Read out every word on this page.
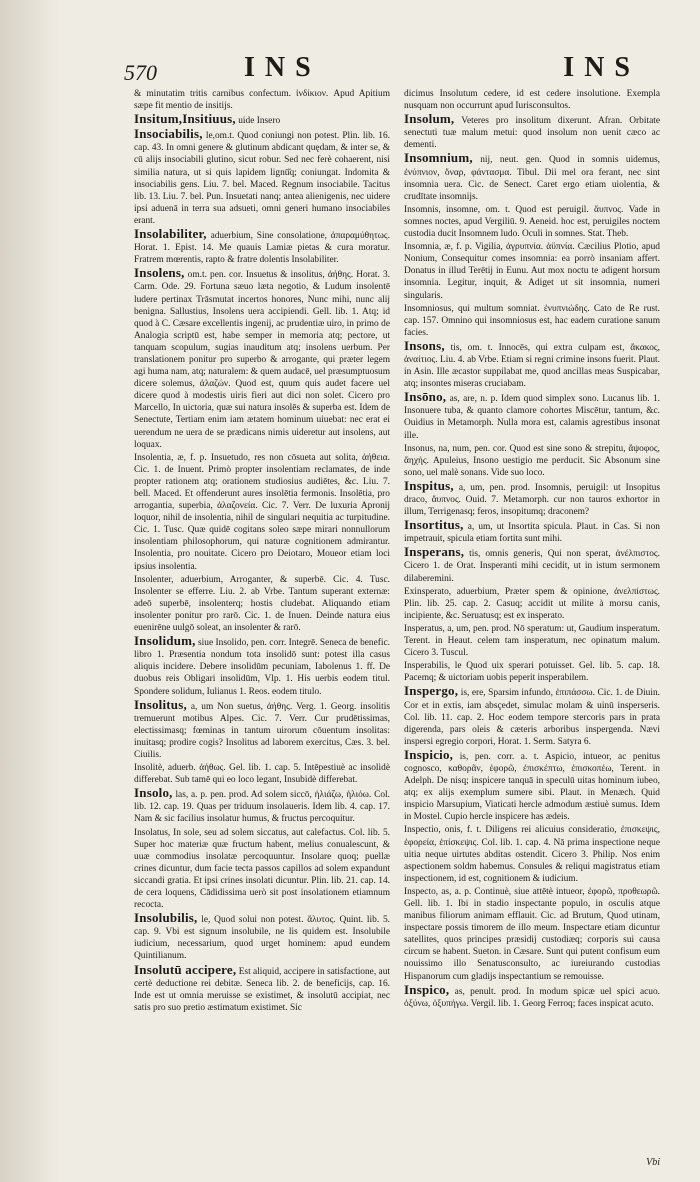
570	INS	INS

& minutatim tritis carnibus confectum. ἰνδίκιον. Apud Apitium sæpe fit mentio de insitijs.

Insitum,Insitiuus, uide Insero

Insociabilis, le,om.t. Quod coniungi non potest. Plin. lib. 16. cap. 43. In omni genere & glutinum abdicant quędam, & inter se, & cū alijs insociabili glutino, sicut robur. Sed nec ferè cohaerent, nisi similia natura, ut si quis lapidem lignū̆q; coniungat. Indomita & insociabilis gens. Liu. 7. bel. Maced. Regnum insociabile. Tacitus lib. 13. Liu. 7. bel. Pun. Insuetati nanq; antea alienigenis, nec uidere ipsi aduenā in terra sua adsueti, omni generi humano insociabiles erant.

Insolabiliter, aduerbium, Sine consolatione, ἀπαραμύθητως. Horat. 1. Epist. 14. Me quauis Lamiæ pietas & cura moratur. Fratrem mœrentis, rapto & fratre dolentis Insolabiliter.

Insolens, om.t. pen. cor. Insuetus & insolitus, ἀήθης. Horat. 3. Carm. Ode. 29. Fortuna sæuo læta negotio, & Ludum insolentē ludere pertinax Trāsmutat incertos honores, Nunc mihi, nunc alij benigna. Sallustius, Insolens uera accipiendi. Gell. lib. 1. Atq; id quod à C. Cæsare excellentis ingenij, ac prudentiæ uiro, in primo de Analogia scriptū est, habe semper in memoria atq; pectore, ut tanquam scopulum, sugias inauditum atq; insolens uerbum. Per translationem ponitur pro superbo & arrogante, qui præter legem agi huma nam, atq; naturalem: & quem audacē, uel præsumptuosum dicere solemus, ἀλαζών. Quod est, quum quis audet facere uel dicere quod à modestis uiris fieri aut dici non solet. Cicero pro Marcello, In uictoria, quæ sui natura insolēs & superba est. Idem de Senectute, Tertiam enim iam ætatem hominum uiuebat: nec erat ei uerendum ne uera de se prædicans nimis uideretur aut insolens, aut loquax.

Insolentia, æ, f. p. Insuetudo, res non cōsueta aut solita, ἀήθεια. Cic. 1. de Inuent. Primò propter insolentiam reclamates, de inde propter rationem atq; orationem studiosius audiētes, &c. Liu. 7. bell. Maced. Et offenderunt aures insolētia fermonis. Insolētia, pro arrogantia, superbia, ἀλαζονεία. Cic. 7. Verr. De luxuria Apronij loquor, nihil de insolentia, nihil de singulari nequitia ac turpitudine. Cic. 1. Tusc. Quæ quidē cogitans soleo sæpe mirari nonnullorum insolentiam philosophorum, qui naturæ cognitionem admirantur. Insolentia, pro nouitate. Cicero pro Deiotaro, Moueor etiam loci ipsius insolentia.

Insolenter, aduerbium, Arroganter, & superbē. Cic. 4. Tusc. Insolenter se efferre. Liu. 2. ab Vrbe. Tantum superant externæ: adeō superbē, insolenterq; hostis cludebat. Aliquando etiam insolenter ponitur pro rarō. Cic. 1. de Inuen. Deinde natura eius euenirēne uulgō soleat, an insolenter & rarō.

Insolidum, siue Insolido, pen. corr. Integrē. Seneca de benefic. libro 1. Præsentia nondum tota insolidō sunt: potest illa casus aliquis incidere. Debere insolidūm pecuniam, Iabolenus 1. ff. De duobus reis Obligari insolidūm, Vlp. 1. His uerbis eodem titul. Spondere solidum, Iulianus 1. Reos. eodem titulo.

Insolitus, a, um Non suetus, ἀήθης. Verg. 1. Georg. insolitis tremuerunt motibus Alpes. Cic. 7. Verr. Cur prudētissimas, electissimasq; fœminas in tantum uirorum cōuentum insolitas: inuitasq; prodire cogis? Insolitus ad laborem exercitus, Cæs. 3. bel. Ciuilis.

Insolitè, aduerb. ἀήθως. Gel. lib. 1. cap. 5. Intēpestiuè ac insolidè differebat. Sub tamē qui eo loco legant, Insubidè differebat.

Insolo, las, a. p. pen. prod. Ad solem siccō, ἡλιάζω, ἡλιόω. Col. lib. 12. cap. 19. Quas per triduum insolaueris. Idem lib. 4. cap. 17. Nam & sic facilius insolatur humus, & fructus percoquitur.

Insolatus, In sole, seu ad solem siccatus, aut calefactus. Col. lib. 5. Super hoc materiæ quæ fructum habent, melius conualescunt, & uuæ commodius insolatæ percoquuntur. Insolare quoq; puellæ crines dicuntur, dum facie tecta passos capillos ad solem expandunt siccandi gratia. Et ipsi crines insolati dicuntur. Plin. lib. 21. cap. 14. de cera loquens, Cādidissima uerò sit post insolationem etiamnum recocta.

Insolubilis, le, Quod solui non potest. ἄλυτος. Quint. lib. 5. cap. 9. Vbi est signum insolubile, ne lis quidem est. Insolubile iudicium, necessarium, quod urget hominem: apud eundem Quintilianum.

Insolutū accipere, Est aliquid, accipere in satisfactione, aut certè deductione rei debitæ. Seneca lib. 2. de beneficijs, cap. 16. Inde est ut omnia meruisse se existimet, & insolutū accipiat, nec satis pro suo pretio æstimatum existimet. Sic

dicimus Insolutum cedere, id est cedere insolutione. Exempla nusquam non occurrunt apud Iurisconsultos.

Insolum, Veteres pro insolitum dixerunt. Afran. Orbitate senectuti tuæ malum metui: quod insolum non uenit cæco ac dementi.

Insomnium, nij, neut. gen. Quod in somnis uidemus, ἐνύπνιον, ὄναρ, φάντασμα. Tibul. Dii mel ora ferant, nec sint insomnia uera. Cic. de Senect. Caret ergo etiam uiolentia, & crudītate insomnijs.

Insomnis, insomne, om. t. Quod est peruigil. ἄυπνος. Vade in somnes noctes, apud Vergiliū. 9. Aeneid. hoc est, peruigiles noctem custodia ducit Insomnem ludo. Oculi in somnes. Stat. Theb.

Insomnia, æ, f. p. Vigilia, ἀγρυπνία. ἀϋπνία. Cæcilius Plotio, apud Nonium, Consequitur comes insomnia: ea porrò insaniam affert. Donatus in illud Terētij in Eunu. Aut mox noctu te adigent horsum insomnia. Legitur, inquit, & Adiget ut sit insomnia, numeri singularis.

Insomniosus, qui multum somniat. ἐνυπνιώδης. Cato de Re rust. cap. 157. Omnino qui insomniosus est, hac eadem curatione sanum facies.

Insons, tis, om. t. Innocēs, qui extra culpam est, ἄκακος, ἀναίτιος. Liu. 4. ab Vrbe. Etiam si regni crimine insons fuerit. Plaut. in Asin. Ille æcastor suppilabat me, quod ancillas meas Suspicabar, atq; insontes miseras cruciabam.

Insōno, as, are, n. p. Idem quod simplex sono. Lucanus lib. 1. Insonuere tuba, & quanto clamore cohortes Miscētur, tantum, &c. Ouidius in Metamorph. Nulla mora est, calamis agrestibus insonat ille.

Insonus, na, num, pen. cor. Quod est sine sono & strepitu, ἄψοφος, ἄηχής. Apuleius, Insono uestigio me perducit. Sic Absonum sine sono, uel malè sonans. Vide suo loco.

Inspitus, a, um, pen. prod. Insomnis, peruigil: ut Insopitus draco, ἄυπνος. Ouid. 7. Metamorph. cur non tauros exhortor in illum, Terrigenasq; feros, insopitumq; draconem?

Insortitus, a, um, ut Insortita spicula. Plaut. in Cas. Si non impetrauit, spicula etiam fortita sunt mihi.

Insperans, tis, omnis generis, Qui non sperat, ἀνέλπιστος. Cicero 1. de Orat. Insperanti mihi cecidit, ut in istum sermonem dilaberemini.

Exinsperato, aduerbium, Præter spem & opinione, ἀνελπίστως. Plin. lib. 25. cap. 2. Casuq; accidit ut milite à morsu canis, incipiente, &c. Seruatusq; est ex insperato.

Insperatus, a, um, pen. prod. Nō speratum: ut, Gaudium insperatum. Terent. in Heaut. celem tam insperatum, nec opinatum malum. Cicero 3. Tuscul.

Insperabilis, le Quod uix sperari potuisset. Gel. lib. 5. cap. 18. Pacemq; & uictoriam uobis peperit insperabilem.

Inspergo, is, ere, Sparsim infundo, ἐπιπάσσω. Cic. 1. de Diuin. Cor et in extis, iam absçedet, simulac molam & uinū insperseris. Col. lib. 11. cap. 2. Hoc eodem tempore stercoris pars in prata digerenda, pars oleis & cæteris arboribus inspergenda. Nævi inspersi egregio corpori, Horat. 1. Serm. Satyra 6.

Inspicio, is, pen. corr. a. t. Aspicio, intueor, ac penitus cognosco, καθορᾶν, ἐφορῶ, ἐπισκέπτω, ἐπισκοπέω, Terent. in Adelph. De nisq; inspicere tanquā in speculū uitas hominum iubeo, atq; ex alijs exemplum sumere sibi. Plaut. in Menæch. Quid inspicio Marsupium, Viaticati hercle admodum æstiuè sumus. Idem in Mostel. Cupio hercle inspicere has ædeis.

Inspectio, onis, f. t. Diligens rei alicuius consideratio, ἐπισκεψις, ἐφορεία, ἐπίσκεψις. Col. lib. 1. cap. 4. Nā prima inspectione neque uitia neque uirtutes abditas ostendit. Cicero 3. Philip. Nos enim aspectionem soldm habemus. Consules & reliqui magistratus etiam inspectionem, id est, cognitionem & iudicium.

Inspecto, as, a. p. Continuè, siue attētè intueor, ἐφορῶ, προθεωρῶ. Gell. lib. 1. Ibi in stadio inspectante populo, in osculis atque manibus filiorum animam efflauit. Cic. ad Brutum, Quod utinam, inspectare possis timorem de illo meum. Inspectare etiam dicuntur satellites, quos principes præsidij custodiæq; corporis sui causa circum se habent. Sueton. in Cæsare. Sunt qui putent confisum eum nouissimo illo Senatusconsulto, ac iureiurando custodias Hispanorum cum gladijs inspectantium se remouisse.

Inspico, as, penult. prod. In modum spicæ uel spici acuo. ὀξύνω, ὀξυπήγω. Vergil. lib. 1. Georg Ferroq; faces inspicat acuto.

Vbi
